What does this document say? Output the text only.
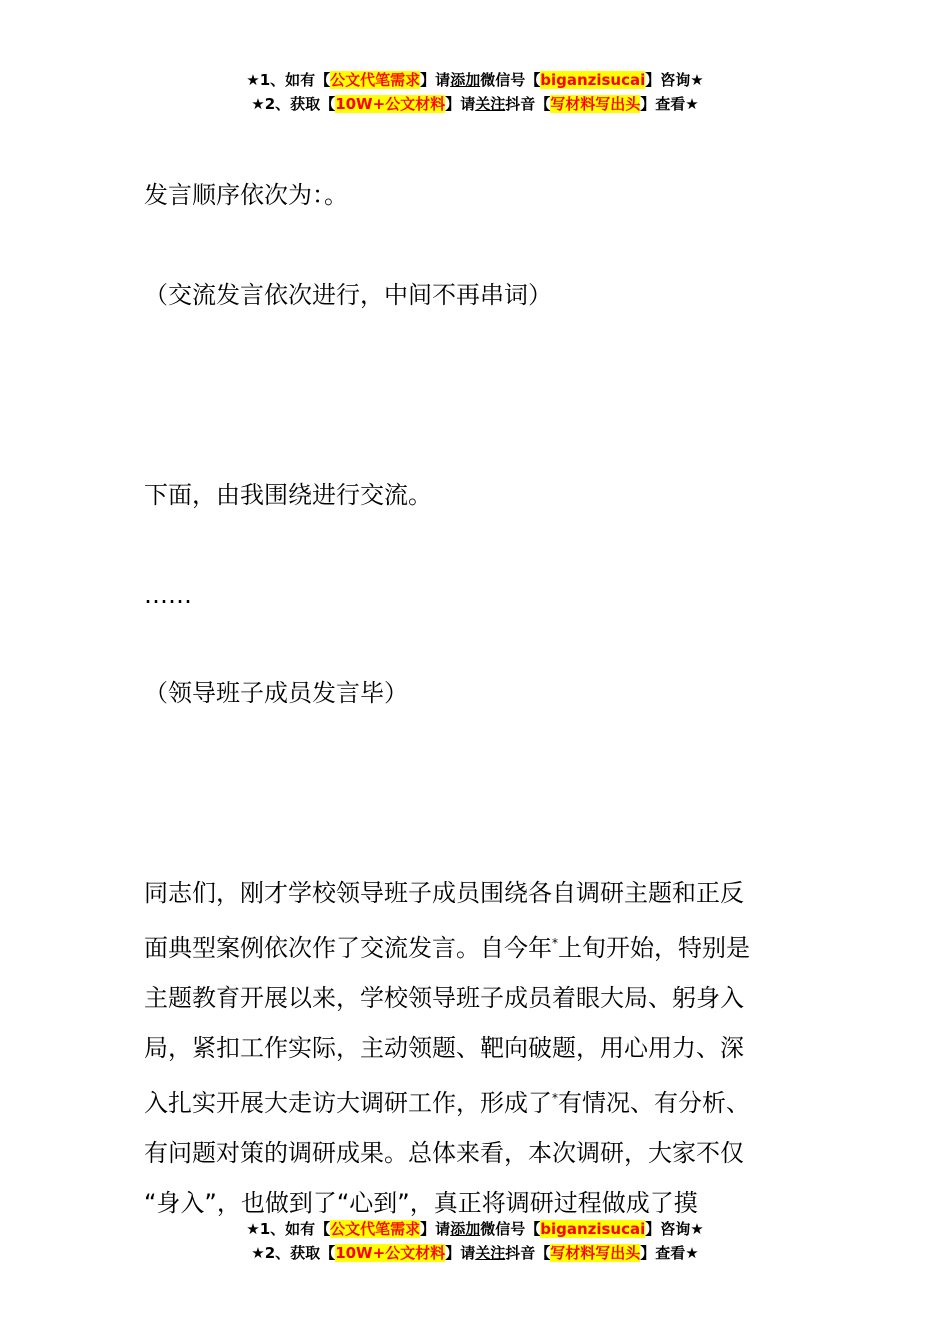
★1、如有【公文代笔需求】请添加微信号【biganzisucai】咨询★
★2、获取【10W+公文材料】请关注抖音【写材料写出头】查看★
发言顺序依次为：。
（交流发言依次进行，中间不再串词）
下面，由我围绕进行交流。
……
（领导班子成员发言毕）
同志们，刚才学校领导班子成员围绕各自调研主题和正反
面典型案例依次作了交流发言。自今年*上旬开始，特别是
主题教育开展以来，学校领导班子成员着眼大局、躬身入
局，紧扣工作实际，主动领题、靶向破题，用心用力、深
入扎实开展大走访大调研工作，形成了*有情况、有分析、
有问题对策的调研成果。总体来看，本次调研，大家不仅
“身入”，也做到了“心到”，真正将调研过程做成了摸
★1、如有【公文代笔需求】请添加微信号【biganzisucai】咨询★
★2、获取【10W+公文材料】请关注抖音【写材料写出头】查看★
